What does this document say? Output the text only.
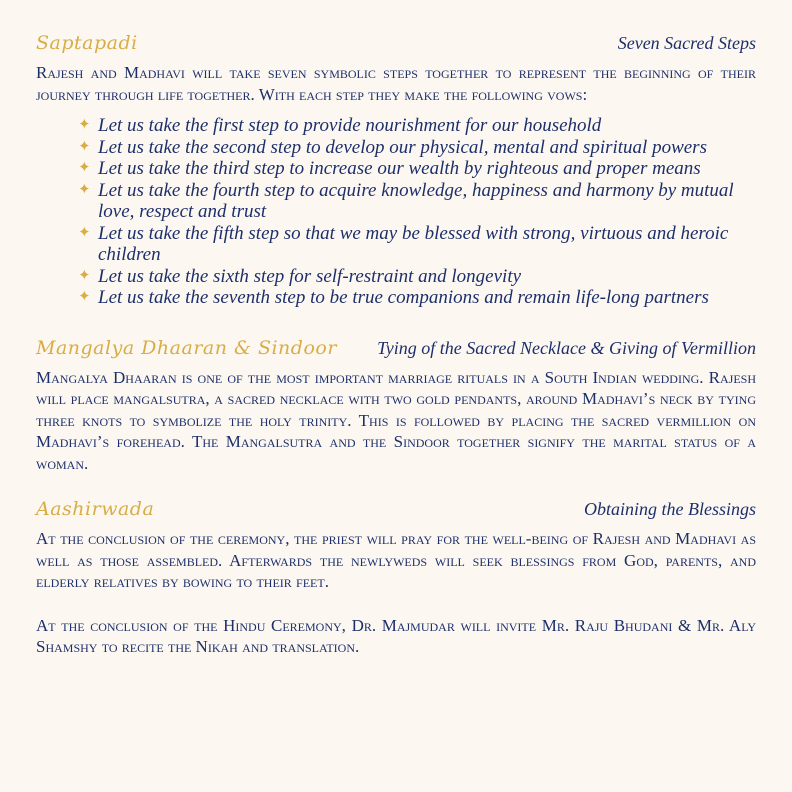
Saptapadi	Seven Sacred Steps

Rajesh and Madhavi will take seven symbolic steps together to represent the beginning of their journey through life together. With each step they make the following vows:

✦ Let us take the first step to provide nourishment for our household
✦ Let us take the second step to develop our physical, mental and spiritual powers
✦ Let us take the third step to increase our wealth by righteous and proper means
✦ Let us take the fourth step to acquire knowledge, happiness and harmony by mutual love, respect and trust
✦ Let us take the fifth step so that we may be blessed with strong, virtuous and heroic children
✦ Let us take the sixth step for self-restraint and longevity
✦ Let us take the seventh step to be true companions and remain life-long partners
Mangalya Dhaaran & Sindoor Tying of the Sacred Necklace & Giving of Vermillion

Mangalya Dhaaran is one of the most important marriage rituals in a South Indian wedding. Rajesh will place mangalsutra, a sacred necklace with two gold pendants, around Madhavi’s neck by tying three knots to symbolize the holy trinity. This is followed by placing the sacred vermillion on Madhavi’s forehead. The Mangalsutra and the Sindoor together signify the marital status of a woman.

Aashirwada	Obtaining the Blessings

At the conclusion of the ceremony, the priest will pray for the well-being of Rajesh and Madhavi as well as those assembled. Afterwards the newlyweds will seek blessings from God, parents, and elderly relatives by bowing to their feet.

At the conclusion of the Hindu Ceremony, Dr. Majmudar will invite Mr. Raju Bhudani & Mr. Aly Shamshy to recite the Nikah and translation.
